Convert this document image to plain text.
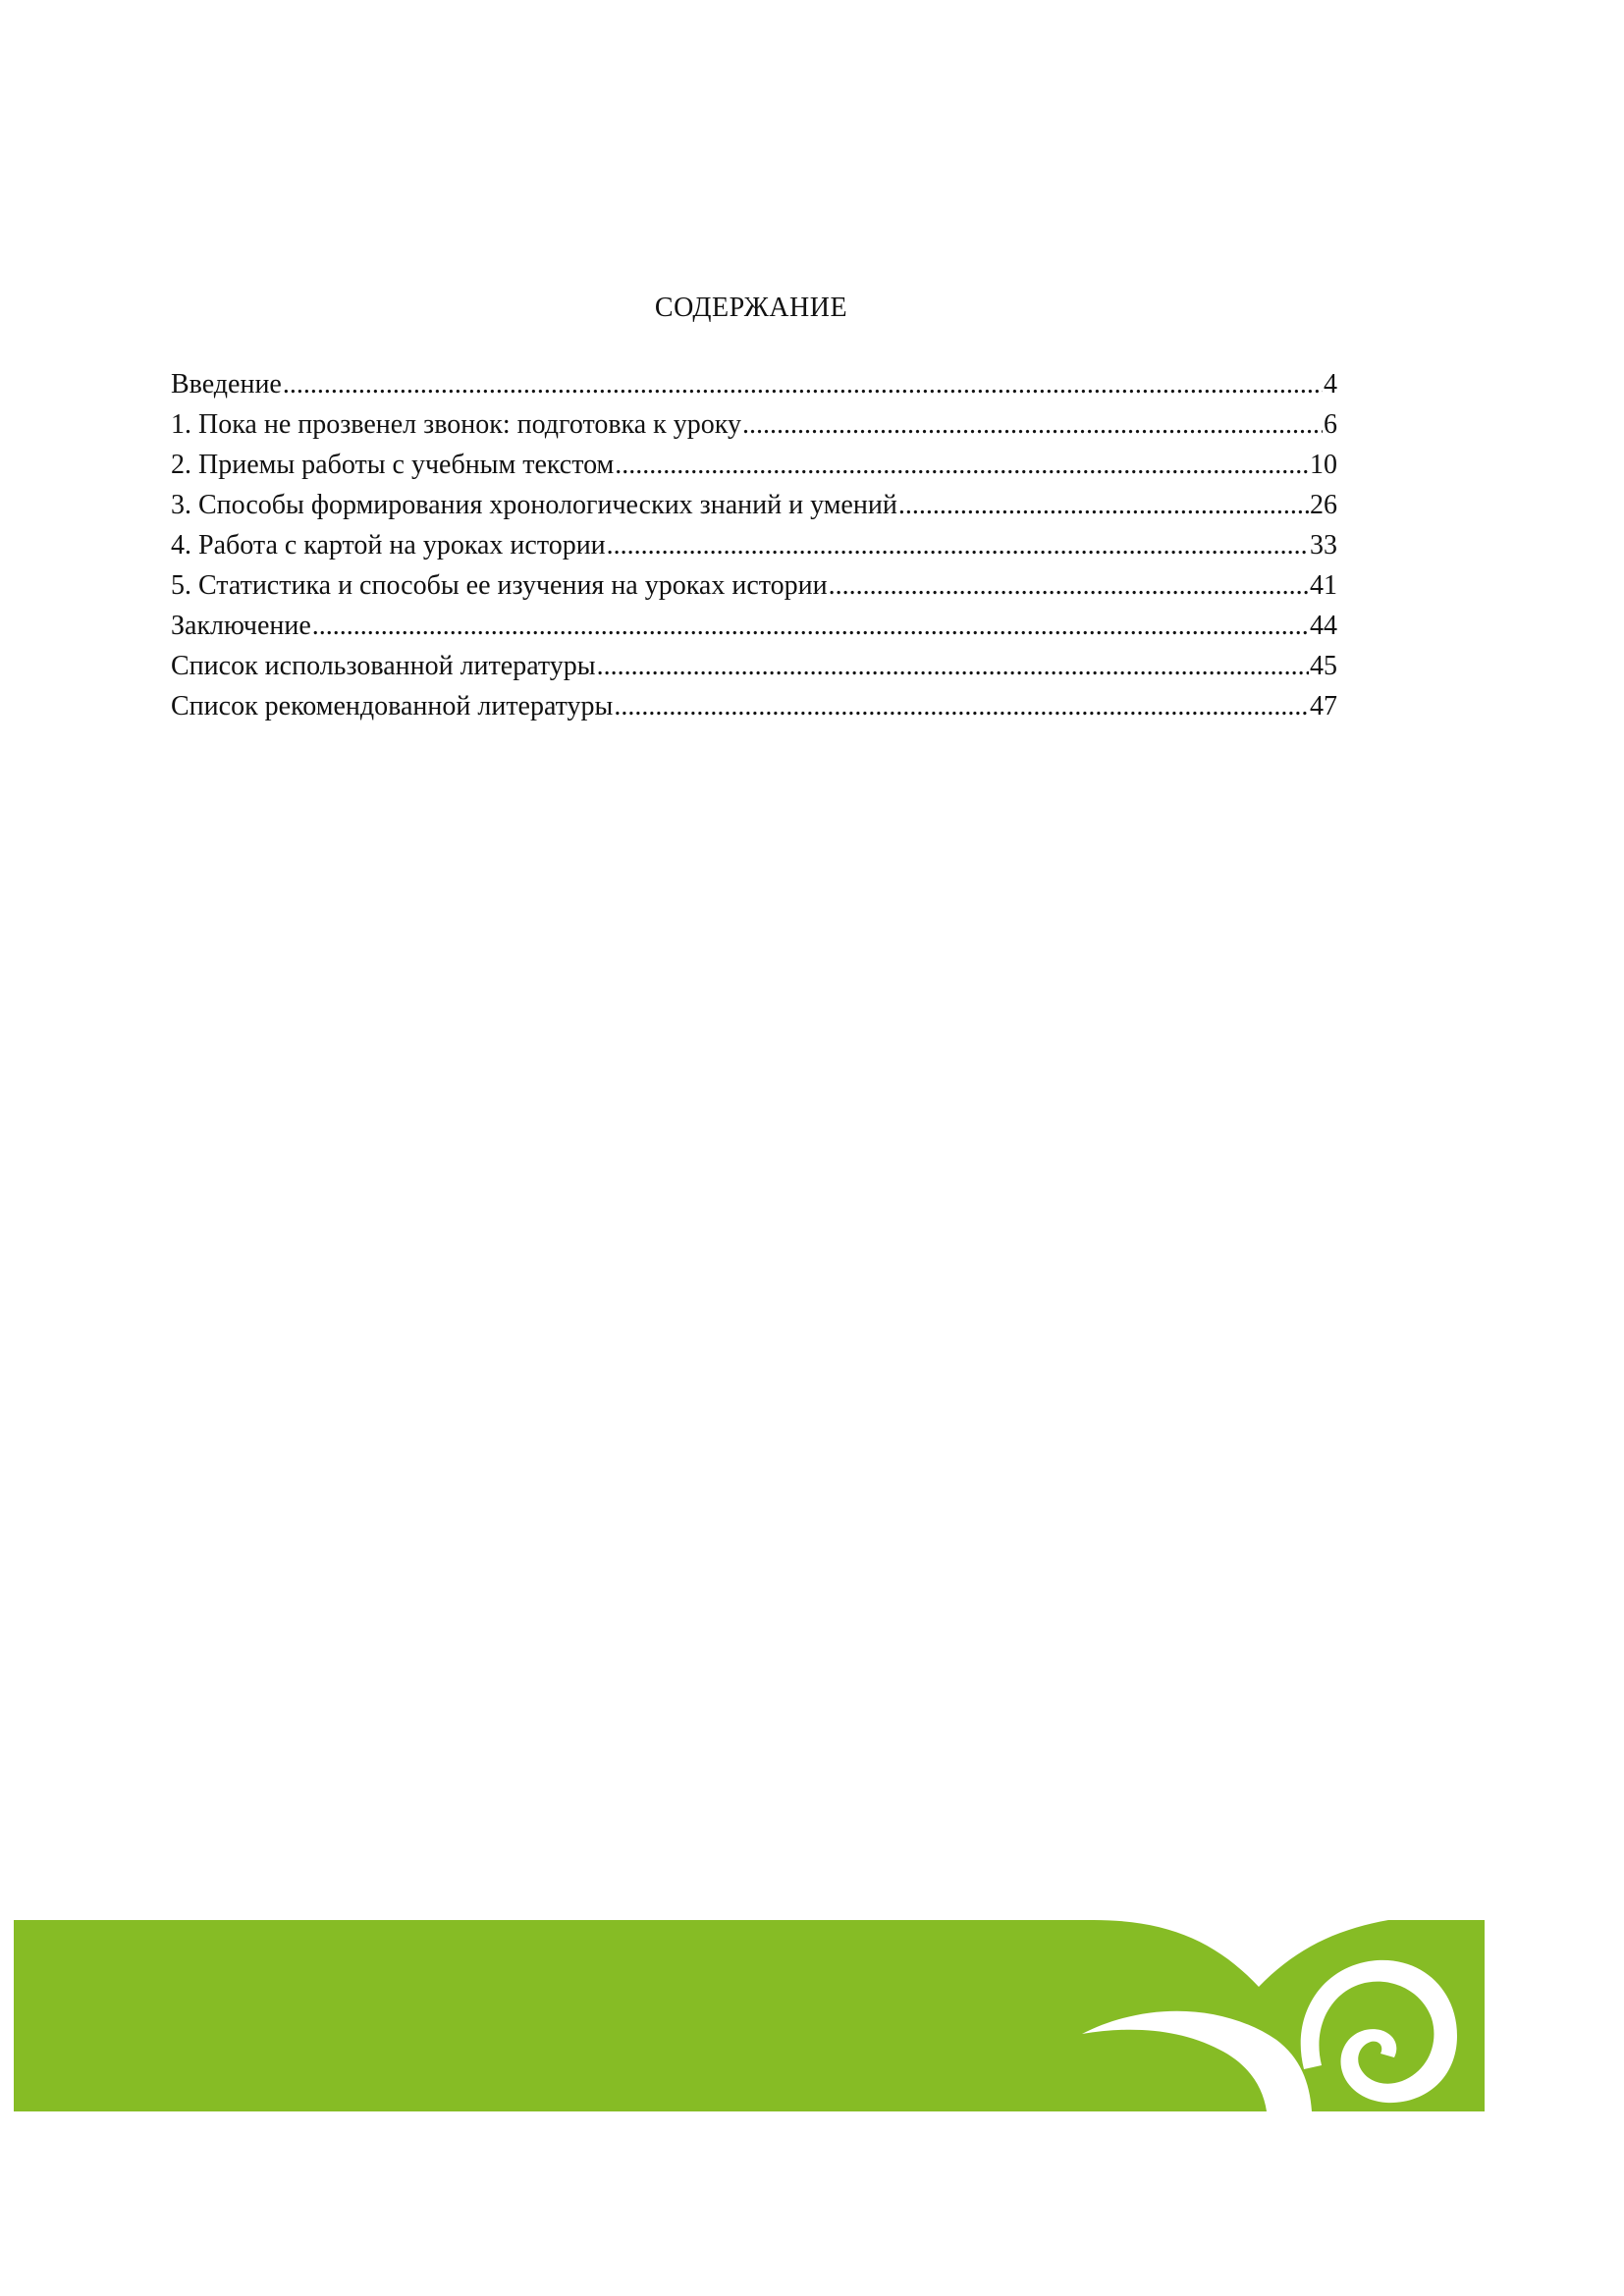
СОДЕРЖАНИЕ
Введение .....	4
1. Пока не прозвенел звонок: подготовка к уроку .....	6
2. Приемы работы с учебным текстом .....	10
3. Способы формирования хронологических знаний и умений .....	26
4. Работа с картой на уроках истории .....	33
5. Статистика и способы ее изучения на уроках истории .....	41
Заключение .....	44
Список использованной литературы .....	45
Список рекомендованной литературы .....	47
